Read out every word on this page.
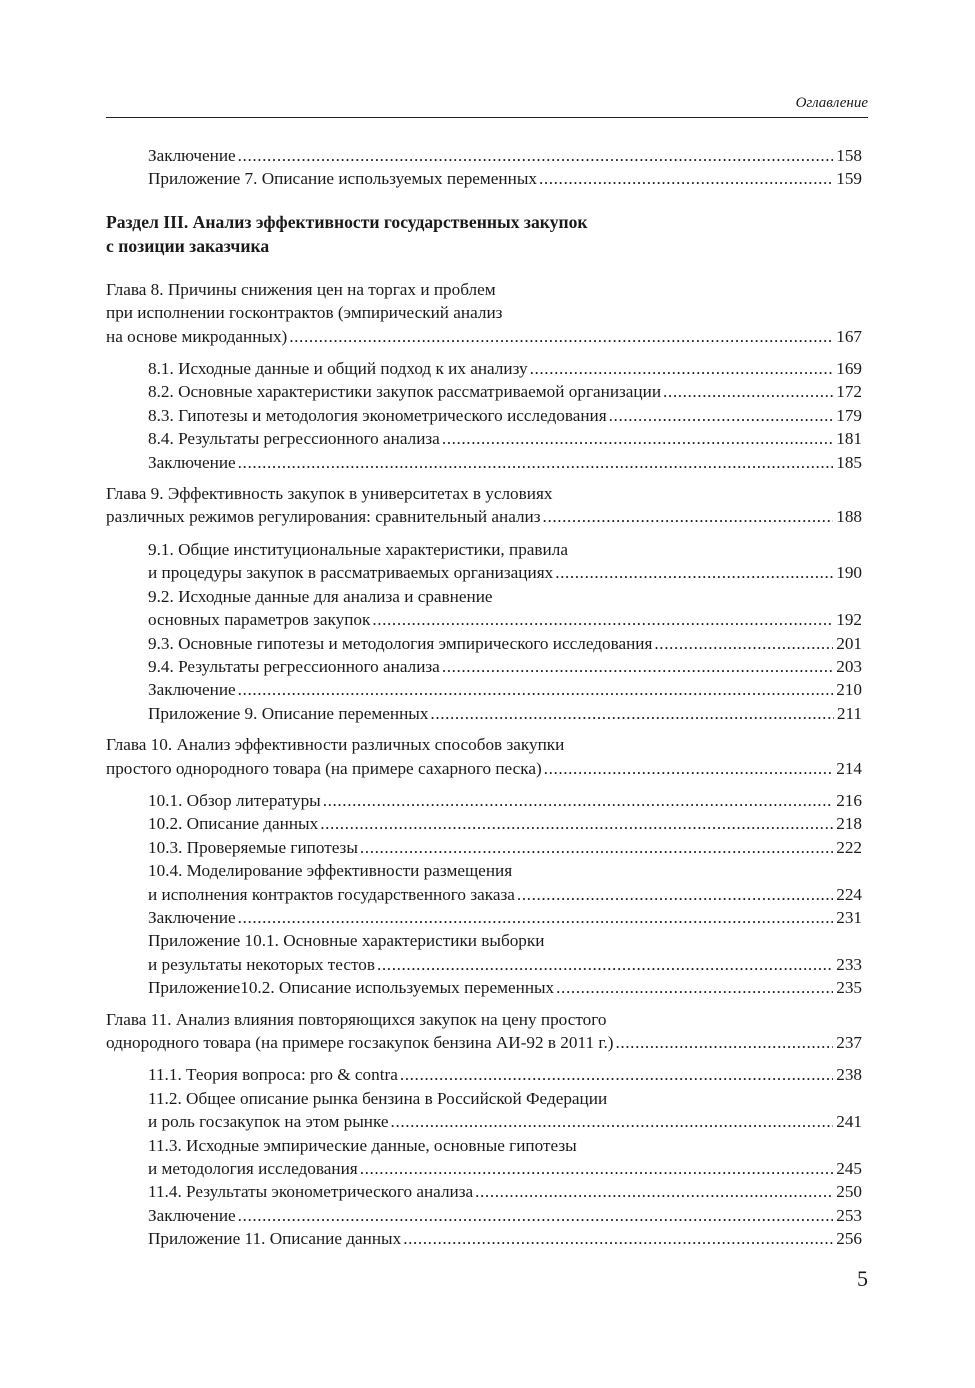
Оглавление
Заключение .....	158
Приложение 7. Описание используемых переменных .....	159
Раздел III. Анализ эффективности государственных закупок
с позиции заказчика
Глава 8. Причины снижения цен на торгах и проблем
при исполнении госконтрактов (эмпирический анализ
на основе микроданных) .....	167
8.1. Исходные данные и общий подход к их анализу .....	169
8.2. Основные характеристики закупок рассматриваемой организации .....	172
8.3. Гипотезы и методология эконометрического исследования .....	179
8.4. Результаты регрессионного анализа .....	181
Заключение .....	185
Глава 9. Эффективность закупок в университетах в условиях
различных режимов регулирования: сравнительный анализ .....	188
9.1. Общие институциональные характеристики, правила
и процедуры закупок в рассматриваемых организациях .....	190
9.2. Исходные данные для анализа и сравнение
основных параметров закупок .....	192
9.3. Основные гипотезы и методология эмпирического исследования .....	201
9.4. Результаты регрессионного анализа .....	203
Заключение .....	210
Приложение 9. Описание переменных .....	211
Глава 10. Анализ эффективности различных способов закупки
простого однородного товара (на примере сахарного песка) .....	214
10.1. Обзор литературы .....	216
10.2. Описание данных .....	218
10.3. Проверяемые гипотезы .....	222
10.4. Моделирование эффективности размещения
и исполнения контрактов государственного заказа .....	224
Заключение .....	231
Приложение 10.1. Основные характеристики выборки
и результаты некоторых тестов .....	233
Приложение10.2. Описание используемых переменных .....	235
Глава 11. Анализ влияния повторяющихся закупок на цену простого
однородного товара (на примере госзакупок бензина АИ-92 в 2011 г.) .....	237
11.1. Теория вопроса: pro & contra .....	238
11.2. Общее описание рынка бензина в Российской Федерации
и роль госзакупок на этом рынке .....	241
11.3. Исходные эмпирические данные, основные гипотезы
и методология исследования .....	245
11.4. Результаты эконометрического анализа .....	250
Заключение .....	253
Приложение 11. Описание данных .....	256
5
